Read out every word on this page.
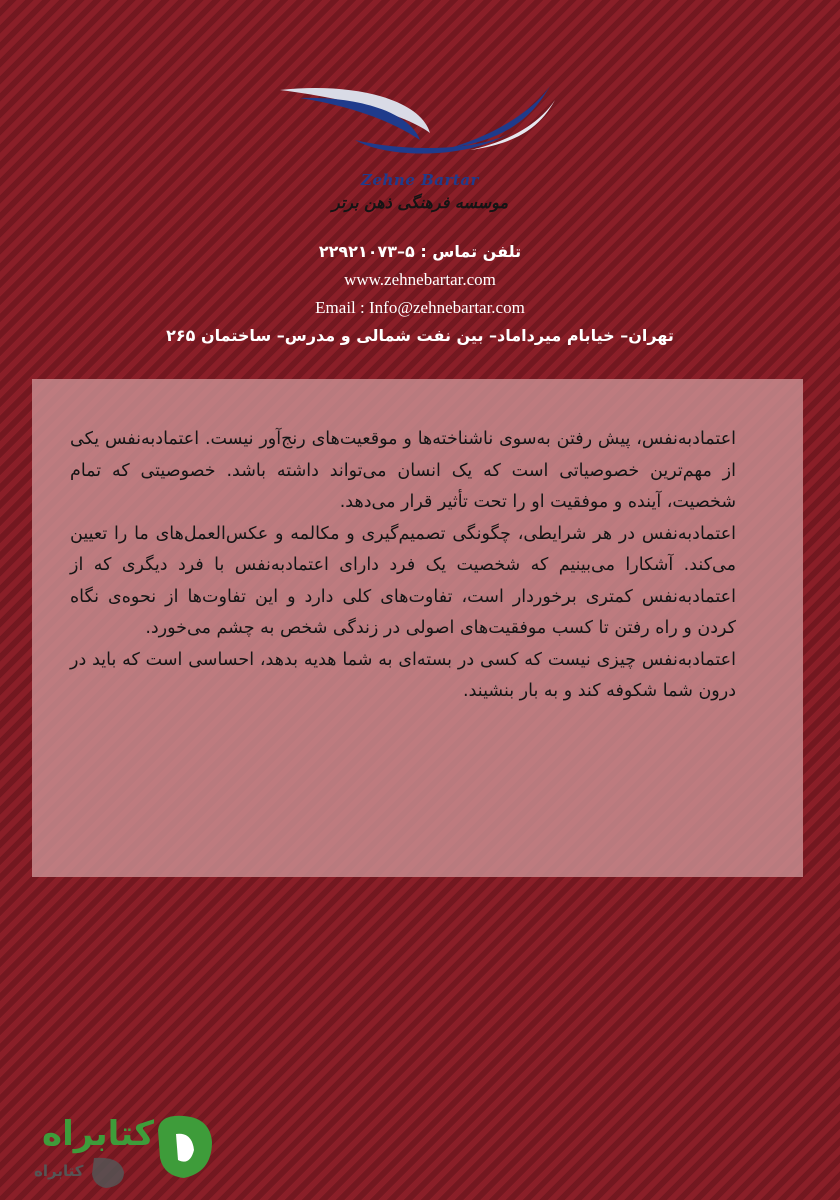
Zehne Bartar
موسسه فرهنگی ذهن برتر
تلفن تماس : ۵–۲۲۹۲۱۰۷۳
www.zehnebartar.com
Email : Info@zehnebartar.com
تهران– خیابام میرداماد– بین نفت شمالی و مدرس– ساختمان ۲۶۵

اعتمادبه‌نفس، پیش رفتن به‌سوی ناشناخته‌ها و موقعیت‌های رنج‌آور نیست. اعتمادبه‌نفس یکی از مهم‌ترین خصوصیاتی است که یک انسان می‌تواند داشته باشد. خصوصیتی که تمام شخصیت، آینده و موفقیت او را تحت تأثیر قرار می‌دهد.

اعتمادبه‌نفس در هر شرایطی، چگونگی تصمیم‌گیری و مکالمه و عکس‌العمل‌های ما را تعیین می‌کند. آشکارا می‌بینیم که شخصیت یک فرد دارای اعتمادبه‌نفس با فرد دیگری که از اعتمادبه‌نفس کمتری برخوردار است، تفاوت‌های کلی دارد و این تفاوت‌ها از نحوه‌ی نگاه کردن و راه رفتن تا کسب موفقیت‌های اصولی در زندگی شخص به چشم می‌خورد.

اعتمادبه‌نفس چیزی نیست که کسی در بسته‌ای به شما هدیه بدهد، احساسی است که باید در درون شما شکوفه کند و به بار بنشیند.

کتابراه
کتابراه
